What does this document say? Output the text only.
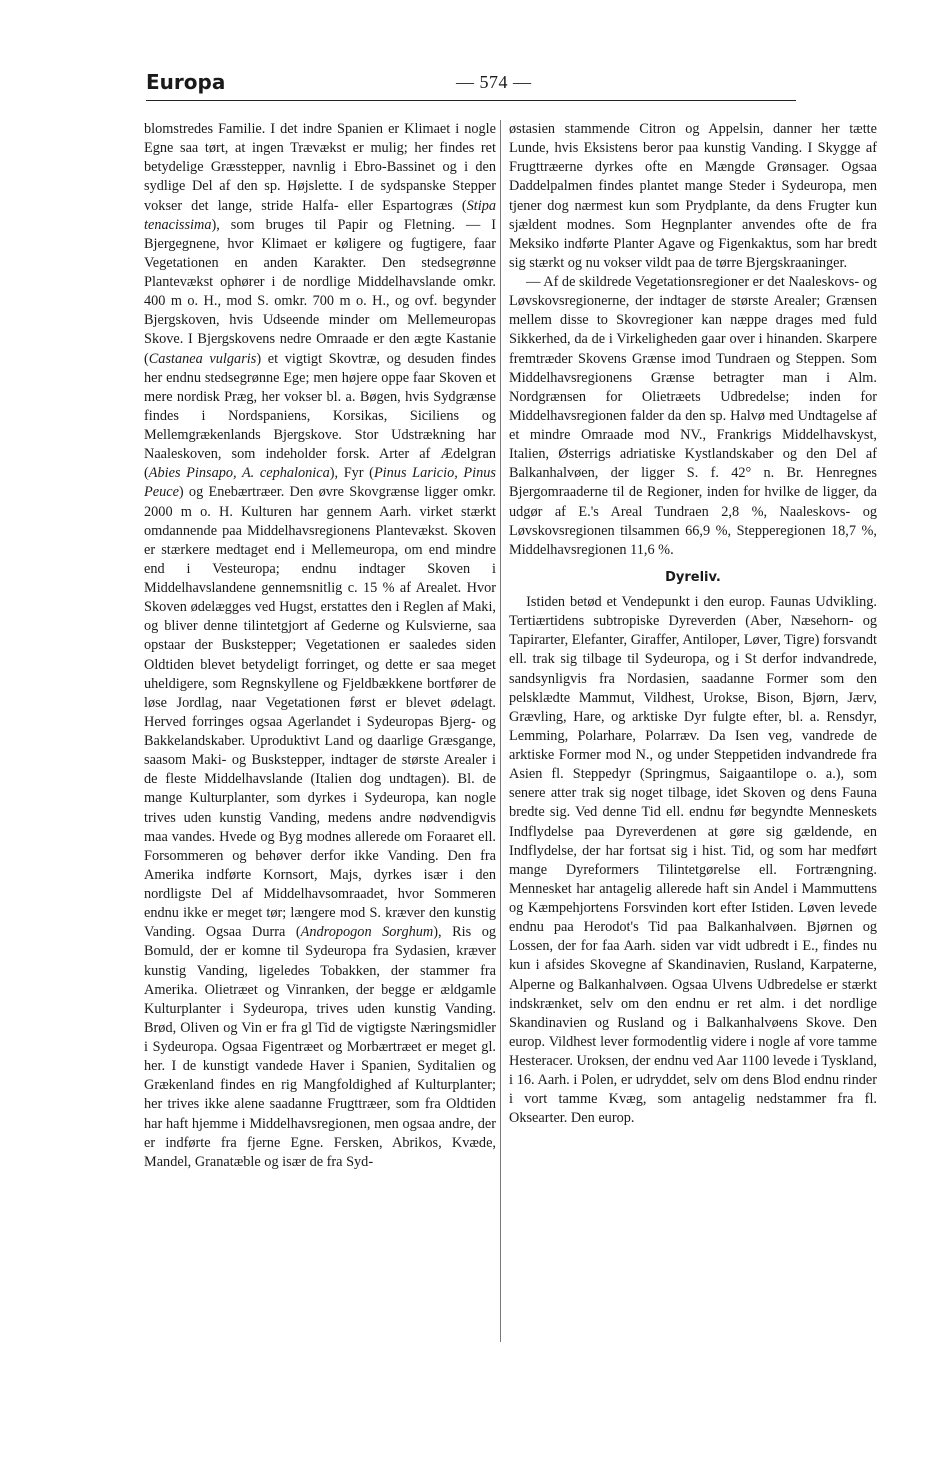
Europa	— 574 —

blomstredes Familie. I det indre Spanien er Klimaet i nogle Egne saa tørt, at ingen Trævækst er mulig; her findes ret betydelige Græsstepper, navnlig i Ebro-Bassinet og i den sydlige Del af den sp. Højslette. I de sydspanske Stepper vokser det lange, stride Halfa- eller Espartogræs (Stipa tenacissima), som bruges til Papir og Fletning. — I Bjergegnene, hvor Klimaet er køligere og fugtigere, faar Vegetationen en anden Karakter. Den stedsegrønne Plantevækst ophører i de nordlige Middelhavslande omkr. 400 m o. H., mod S. omkr. 700 m o. H., og ovf. begynder Bjergskoven, hvis Udseende minder om Mellemeuropas Skove. I Bjergskovens nedre Omraade er den ægte Kastanie (Castanea vulgaris) et vigtigt Skovtræ, og desuden findes her endnu stedsegrønne Ege; men højere oppe faar Skoven et mere nordisk Præg, her vokser bl. a. Bøgen, hvis Sydgrænse findes i Nordspaniens, Korsikas, Siciliens og Mellemgrækenlands Bjergskove. Stor Udstrækning har Naaleskoven, som indeholder forsk. Arter af Ædelgran (Abies Pinsapo, A. cephalonica), Fyr (Pinus Laricio, Pinus Peuce) og Enebærtræer. Den øvre Skovgrænse ligger omkr. 2000 m o. H. Kulturen har gennem Aarh. virket stærkt omdannende paa Middelhavsregionens Plantevækst. Skoven er stærkere medtaget end i Mellemeuropa, om end mindre end i Vesteuropa; endnu indtager Skoven i Middelhavslandene gennemsnitlig c. 15 % af Arealet. Hvor Skoven ødelægges ved Hugst, erstattes den i Reglen af Maki, og bliver denne tilintetgjort af Gederne og Kulsvierne, saa opstaar der Buskstepper; Vegetationen er saaledes siden Oldtiden blevet betydeligt forringet, og dette er saa meget uheldigere, som Regnskyllene og Fjeldbækkene bortfører de løse Jordlag, naar Vegetationen først er blevet ødelagt. Herved forringes ogsaa Agerlandet i Sydeuropas Bjerg- og Bakkelandskaber. Uproduktivt Land og daarlige Græsgange, saasom Maki- og Buskstepper, indtager de største Arealer i de fleste Middelhavslande (Italien dog undtagen). Bl. de mange Kulturplanter, som dyrkes i Sydeuropa, kan nogle trives uden kunstig Vanding, medens andre nødvendigvis maa vandes. Hvede og Byg modnes allerede om Foraaret ell. Forsommeren og behøver derfor ikke Vanding. Den fra Amerika indførte Kornsort, Majs, dyrkes især i den nordligste Del af Middelhavsomraadet, hvor Sommeren endnu ikke er meget tør; længere mod S. kræver den kunstig Vanding. Ogsaa Durra (Andropogon Sorghum), Ris og Bomuld, der er komne til Sydeuropa fra Sydasien, kræver kunstig Vanding, ligeledes Tobakken, der stammer fra Amerika. Olietræet og Vinranken, der begge er ældgamle Kulturplanter i Sydeuropa, trives uden kunstig Vanding. Brød, Oliven og Vin er fra gl Tid de vigtigste Næringsmidler i Sydeuropa. Ogsaa Figentræet og Morbærtræet er meget gl. her. I de kunstigt vandede Haver i Spanien, Syditalien og Grækenland findes en rig Mangfoldighed af Kulturplanter; her trives ikke alene saadanne Frugttræer, som fra Oldtiden har haft hjemme i Middelhavsregionen, men ogsaa andre, der er indførte fra fjerne Egne. Fersken, Abrikos, Kvæde, Mandel, Granatæble og især de fra Syd-

østasien stammende Citron og Appelsin, danner her tætte Lunde, hvis Eksistens beror paa kunstig Vanding. I Skygge af Frugttræerne dyrkes ofte en Mængde Grønsager. Ogsaa Daddelpalmen findes plantet mange Steder i Sydeuropa, men tjener dog nærmest kun som Prydplante, da dens Frugter kun sjældent modnes. Som Hegnplanter anvendes ofte de fra Meksiko indførte Planter Agave og Figenkaktus, som har bredt sig stærkt og nu vokser vildt paa de tørre Bjergskraaninger.

— Af de skildrede Vegetationsregioner er det Naaleskovs- og Løvskovsregionerne, der indtager de største Arealer; Grænsen mellem disse to Skovregioner kan næppe drages med fuld Sikkerhed, da de i Virkeligheden gaar over i hinanden. Skarpere fremtræder Skovens Grænse imod Tundraen og Steppen. Som Middelhavsregionens Grænse betragter man i Alm. Nordgrænsen for Olietræets Udbredelse; inden for Middelhavsregionen falder da den sp. Halvø med Undtagelse af et mindre Omraade mod NV., Frankrigs Middelhavskyst, Italien, Østerrigs adriatiske Kystlandskaber og den Del af Balkanhalvøen, der ligger S. f. 42° n. Br. Henregnes Bjergomraaderne til de Regioner, inden for hvilke de ligger, da udgør af E.'s Areal Tundraen 2,8 %, Naaleskovs- og Løvskovsregionen tilsammen 66,9 %, Stepperegionen 18,7 %, Middelhavsregionen 11,6 %.

Dyreliv.

Istiden betød et Vendepunkt i den europ. Faunas Udvikling. Tertiærtidens subtropiske Dyreverden (Aber, Næsehorn- og Tapirarter, Elefanter, Giraffer, Antiloper, Løver, Tigre) forsvandt ell. trak sig tilbage til Sydeuropa, og i St derfor indvandrede, sandsynligvis fra Nordasien, saadanne Former som den pelsklædte Mammut, Vildhest, Urokse, Bison, Bjørn, Jærv, Grævling, Hare, og arktiske Dyr fulgte efter, bl. a. Rensdyr, Lemming, Polarhare, Polarræv. Da Isen veg, vandrede de arktiske Former mod N., og under Steppetiden indvandrede fra Asien fl. Steppedyr (Springmus, Saigaantilope o. a.), som senere atter trak sig noget tilbage, idet Skoven og dens Fauna bredte sig. Ved denne Tid ell. endnu før begyndte Menneskets Indflydelse paa Dyreverdenen at gøre sig gældende, en Indflydelse, der har fortsat sig i hist. Tid, og som har medført mange Dyreformers Tilintetgørelse ell. Fortrængning. Mennesket har antagelig allerede haft sin Andel i Mammuttens og Kæmpehjortens Forsvinden kort efter Istiden. Løven levede endnu paa Herodot's Tid paa Balkanhalvøen. Bjørnen og Lossen, der for faa Aarh. siden var vidt udbredt i E., findes nu kun i afsides Skovegne af Skandinavien, Rusland, Karpaterne, Alperne og Balkanhalvøen. Ogsaa Ulvens Udbredelse er stærkt indskrænket, selv om den endnu er ret alm. i det nordlige Skandinavien og Rusland og i Balkanhalvøens Skove. Den europ. Vildhest lever formodentlig videre i nogle af vore tamme Hesteracer. Uroksen, der endnu ved Aar 1100 levede i Tyskland, i 16. Aarh. i Polen, er udryddet, selv om dens Blod endnu rinder i vort tamme Kvæg, som antagelig nedstammer fra fl. Oksearter. Den europ.
